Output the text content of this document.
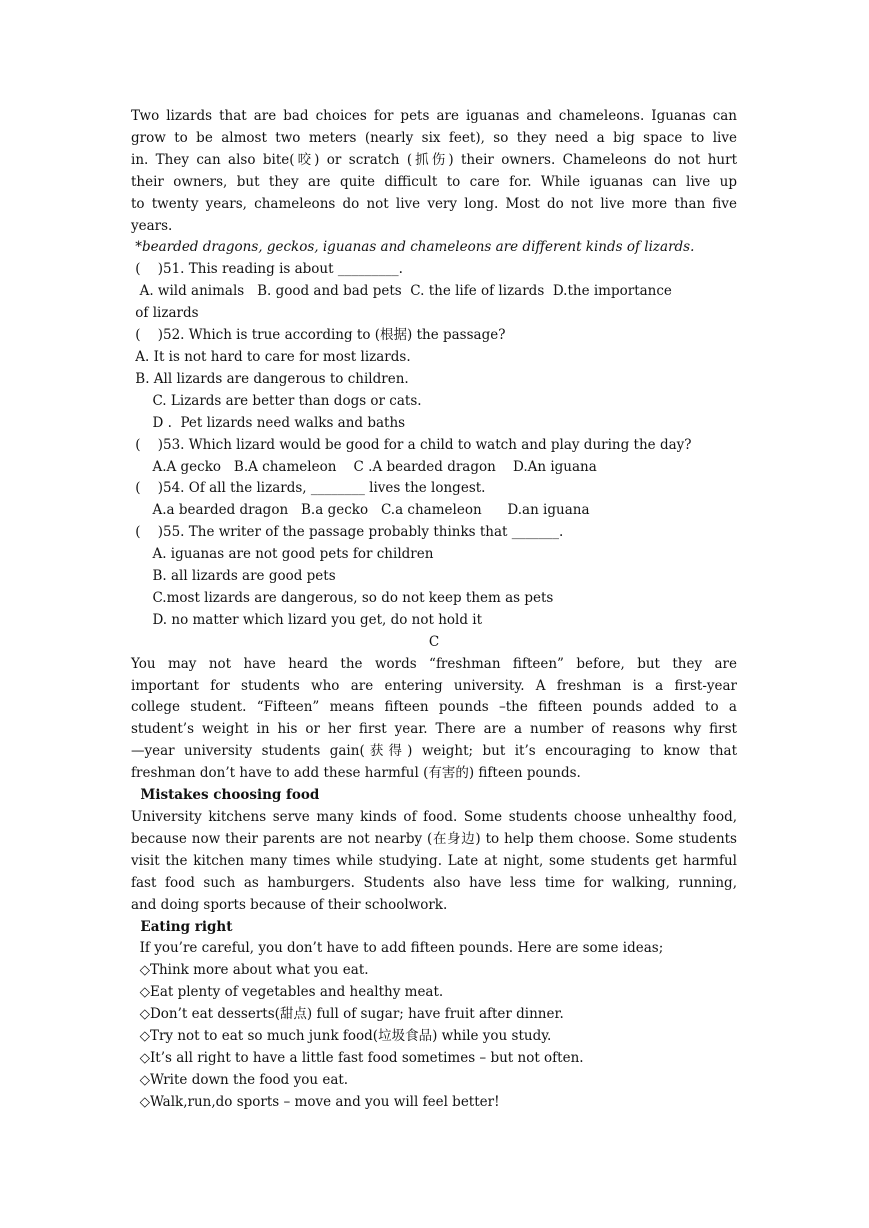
Two lizards that are bad choices for pets are iguanas and chameleons. Iguanas can
grow to be almost two meters (nearly six feet), so they need a big space to live
in. They can also bite(咬) or scratch (抓伤) their owners. Chameleons do not hurt
their owners, but they are quite difficult to care for. While iguanas can live up
to twenty years, chameleons do not live very long. Most do not live more than five
years.
*bearded dragons, geckos, iguanas and chameleons are different kinds of lizards.
(    )51. This reading is about _________.
A. wild animals   B. good and bad pets  C. the life of lizards  D.the importance
of lizards
(    )52. Which is true according to (根据) the passage?
A. It is not hard to care for most lizards.
B. All lizards are dangerous to children.
C. Lizards are better than dogs or cats.
D .  Pet lizards need walks and baths
(    )53. Which lizard would be good for a child to watch and play during the day?
A.A gecko   B.A chameleon    C .A bearded dragon    D.An iguana
(    )54. Of all the lizards, ________ lives the longest.
A.a bearded dragon   B.a gecko   C.a chameleon      D.an iguana
(    )55. The writer of the passage probably thinks that _______.
A. iguanas are not good pets for children
B. all lizards are good pets
C.most lizards are dangerous, so do not keep them as pets
D. no matter which lizard you get, do not hold it
C
You may not have heard the words “freshman fifteen” before, but they are
important for students who are entering university. A freshman is a first-year
college student. “Fifteen” means fifteen pounds –the fifteen pounds added to a
student’s weight in his or her first year. There are a number of reasons why first
—year university students gain(获得) weight; but it’s encouraging to know that
freshman don’t have to add these harmful (有害的) fifteen pounds.
Mistakes choosing food
University kitchens serve many kinds of food. Some students choose unhealthy food,
because now their parents are not nearby (在身边) to help them choose. Some students
visit the kitchen many times while studying. Late at night, some students get harmful
fast food such as hamburgers. Students also have less time for walking, running,
and doing sports because of their schoolwork.
Eating right
If you’re careful, you don’t have to add fifteen pounds. Here are some ideas;
◇Think more about what you eat.
◇Eat plenty of vegetables and healthy meat.
◇Don’t eat desserts(甜点) full of sugar; have fruit after dinner.
◇Try not to eat so much junk food(垃圾食品) while you study.
◇It’s all right to have a little fast food sometimes – but not often.
◇Write down the food you eat.
◇Walk,run,do sports – move and you will feel better!
